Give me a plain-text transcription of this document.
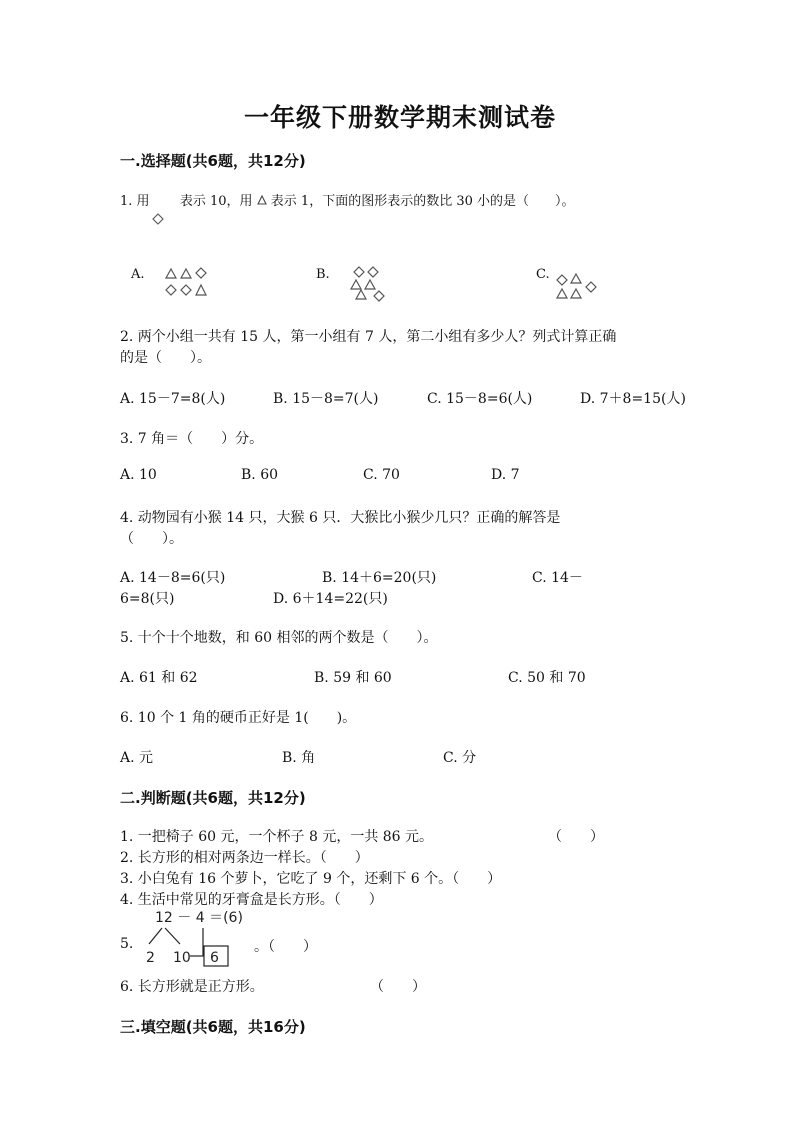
一年级下册数学期末测试卷
一.选择题(共6题，共12分)
1. 用 表示 10，用 表示 1，下面的图形表示的数比 30 小的是（　　）。
A.	B.	C.
2. 两个小组一共有 15 人，第一小组有 7 人，第二小组有多少人？列式计算正确
的是（　　）。
A. 15－7=8(人)	B. 15－8=7(人)	C. 15－8=6(人)	D. 7＋8=15(人)
3. 7 角＝（　　）分。
A. 10	B. 60	C. 70	D. 7
4. 动物园有小猴 14 只，大猴 6 只．大猴比小猴少几只？正确的解答是
（　　）。
A. 14－8=6(只)	B. 14＋6=20(只)	C. 14－
6=8(只)	D. 6＋14=22(只)
5. 十个十个地数，和 60 相邻的两个数是（　　）。
A. 61 和 62	B. 59 和 60	C. 50 和 70
6. 10 个 1 角的硬币正好是 1(　　)。
A. 元	B. 角	C. 分
二.判断题(共6题，共12分)
1. 一把椅子 60 元，一个杯子 8 元，一共 86 元。	（　　）
2. 长方形的相对两条边一样长。（　　）
3. 小白兔有 16 个萝卜，它吃了 9 个，还剩下 6 个。（　　）
4. 生活中常见的牙膏盒是长方形。（　　）
5.
12 － 4 ＝(6)
2 10 6
。（　　）
6. 长方形就是正方形。	（　　）
三.填空题(共6题，共16分)
